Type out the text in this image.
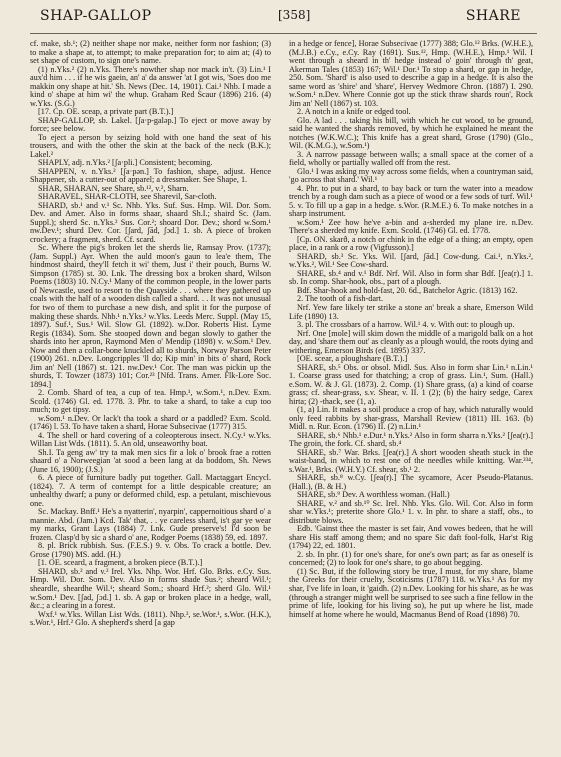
SHAP-GALLOP	[358]	SHARE

cf. make, sb.¹; (2) neither shape nor make, neither form nor fashion; (3) to make a shape at, to attempt; to make preparation for; to aim at; (4) to set shape of custom, to sign one's name.

(1) n.Yks.² (2) n.Yks. There's nowther shap nor mack in't. (3) Lin.¹ I aux'd him . . . if he wis gaein, an' a' da answer 'at I got wis, 'Soes doo me makkin ony shape at hit.' Sh. News (Dec. 14, 1901). Cai.¹ Nhb. I made a kind o' shape at him wi' the whup. Graham Red Scaur (1896) 216. (4) w.Yks. (S.G.)

[17. Cp. OE. sceap, a private part (B.T.).]

SHAP-GALLOP, sb. Lakel. [ʃa·p-galəp.] To eject or move away by force; see below.

To eject a person by seizing hold with one hand the seat of his trousers, and with the other the skin at the back of the neck (B.K.); Lakel.²

SHAPLY, adj. n.Yks.² [ʃa·pli.] Consistent; becoming.

SHAPPEN, v. n.Yks.² [ʃa·pən.] To fashion, shape, adjust. Hence Shappener, sb. a cutter-out of apparel; a dressmaker. See Shape, 1.

SHAR, SHARAN, see Share, sb.¹², v.², Sharn.

SHARAVEL, SHAR-CLOTH, see Sharevil, Sar-cloth.

SHARD, sb.¹ and v.¹ Sc. Nhb. Yks. Suf. Sus. Hmp. Wil. Dor. Som. Dev. and Amer. Also in forms shaar, shaard Sh.I.; shaird Sc. (Jam. Suppl.); sherd Sc. n.Yks.² Sus. Cor.²; shoard Dor. Dev.; shord w.Som.¹ nw.Dev.¹; shurd Dev. Cor. [ʃard, ʃād, ʃɔd.] 1. sb. A piece of broken crockery; a fragment, sherd. Cf. scard.

Sc. Where the pig's broken let the sherds lie, Ramsay Prov. (1737); (Jam. Suppl.) Ayr. When the auld moon's gaun to lea'e them, The hindmost shaird, they'll fetch it wi' them, Just i' their pouch, Burns W. Simpson (1785) st. 30. Lnk. The dressing box a broken shard, Wilson Poems (1803) 10. N.Cy.¹ Many of the common people, in the lower parts of Newcastle, used to resort to the Quayside . . . where they gathered up coals with the half of a wooden dish called a shard. . . It was not unusual for two of them to purchase a new dish, and split it for the purpose of making these shards. Nhb.¹ n.Yks.² w.Yks. Leeds Merc. Suppl. (May 15, 1897). Suf.¹, Sus.¹ Wil. Slow Gl. (1892). w.Dor. Roberts Hist. Lyme Regis (1834). Som. She stooped down and began slowly to gather the shards into her apron, Raymond Men o' Mendip (1898) v. w.Som.¹ Dev. Now and then a collar-bone knuckled all to shurds, Norway Parson Peter (1900) 261. n.Dev. Longcripples 'll do; Kip min' in bits o' shard, Rock Jim an' Nell (1867) st. 121. nw.Dev.¹ Cor. The man was pickin up the shurds, T. Towzer (1873) 101; Cor.²³ [Nfd. Trans. Amer. Flk-Lore Soc. 1894.]

2. Comb. Shard of tea, a cup of tea. Hmp.¹, w.Som.¹, n.Dev. Exm. Scold. (1746) Gl. ed. 1778. 3. Phr. to take a shard, to take a cup too much; to get tipsy.

w.Som.¹ n.Dev. Or lack't tha took a shard or a paddled? Exm. Scold. (1746) l. 53. To have taken a shard, Horae Subsecivae (1777) 315.

4. The shell or hard covering of a coleopterous insect. N.Cy.¹ w.Yks. Willan List Wds. (1811). 5. An old, unseaworthy boat.

Sh.I. Ta geng aw' try ta mak men sics fir a lok o' brook frae a rotten shaard o' a Norweegian 'at sood a been lang at da boddom, Sh. News (June 16, 1900); (J.S.)

6. A piece of furniture badly put together. Gall. Mactaggart Encycl. (1824). 7. A term of contempt for a little despicable creature; an unhealthy dwarf; a puny or deformed child, esp. a petulant, mischievous one.

Sc. Mackay. Bnff.¹ He's a nyatterin', nyarpin', cappernoitious shard o' a mannie. Abd. (Jam.) Kcd. Tak' that, . . ye careless shard, is't gar ye wear my marks, Grant Lays (1884) 7. Lnk. Gude preserve's! I'd soon be frozen. Clasp'd by sic a shard o' ane, Rodger Poems (1838) 59, ed. 1897.

8. pl. Brick rubbish. Sus. (F.E.S.) 9. v. Obs. To crack a bottle. Dev. Grose (1790) MS. add. (H.)

[1. OE. sceard, a fragment, a broken piece (B.T.).]

SHARD, sb.² and v.² Irel. Yks. Nhp. Wor. Hrf. Glo. Brks. e.Cy. Sus. Hmp. Wil. Dor. Som. Dev. Also in forms shade Sus.²; sheard Wil.¹; sheardle, sheardhe Wil.¹; sheard Som.; shoard Hrf.²; sherd Glo. Wil.¹ w.Som.¹ Dev. [ʃad, ʃɔd.] 1. sb. A gap or broken place in a hedge, wall, &c.; a clearing in a forest.

Wxf.¹ w.Yks. Willan List Wds. (1811). Nhp.², se.Wor.¹, s.Wor. (H.K.), s.Wor.¹, Hrf.² Glo. A shepherd's sherd [a gap

in a hedge or fence], Horae Subsecivae (1777) 388; Glo.¹² Brks. (W.H.E.), (M.J.B.) e.Cy., e.Cy. Ray (1691). Sus.¹², Hmp. (W.H.E.), Hmp.¹ Wil. I went through a sheard in th' hedge instead o' goin' through th' geat, Akerman Tales (1853) 167; Wil.¹ Dor.¹ To stop a shard, or gap in hedge, 250. Som. 'Shard' is also used to describe a gap in a hedge. It is also the same word as 'shire' and 'share', Hervey Wedmore Chron. (1887) I. 290. w.Som.¹ n.Dev. Where Connie got up the stick thraw shards roun', Rock Jim an' Nell (1867) st. 103.

2. A notch in a knife or edged tool.

Glo. A lad . . . taking his bill, with which he cut wood, to be ground, said he wanted the shards removed, by which he explained he meant the notches (W.K.W.C.); This knife has a great shard, Grose (1790) (Glo., Wil. (K.M.G.), w.Som.¹)

3. A narrow passage between walls; a small space at the corner of a field, wholly or partially walled off from the rest.

Glo.¹ I was asking my way across some fields, when a countryman said, 'go across that shard.' Wil.¹

4. Phr. to put in a shard, to bay back or turn the water into a meadow trench by a rough dam such as a piece of wood or a few sods of turf. Wil.¹ 5. v. To fill up a gap in a hedge. s.Wor. (R.M.E.) 6. To make notches in a sharp instrument.

w.Som.¹ Zee how he've a-bin and a-sherded my plane ire. n.Dev. There's a sherded my knife. Exm. Scold. (1746) Gl. ed. 1778.

[Cp. ON. skarð, a notch or chink in the edge of a thing; an empty, open place, in a rank or a row (Vigfusson).]

SHARD, sb.³ Sc. Yks. Wil. [ʃard, ʃād.] Cow-dung. Cai.¹, n.Yks.², w.Yks.², Wil.¹ See Cow-shard.

SHARE, sb.⁴ and v.¹ Bdf. Nrf. Wil. Also in form shar Bdf. [ʃea(r).] 1. sb. In comp. Shar-hook, obs., part of a plough.

Bdf. Shar-hook and hold-fast, 20. 6d., Batchelor Agric. (1813) 162.

2. The tooth of a fish-dart.

Nrf. Yew fare likely ter strike a stone an' break a share, Emerson Wild Life (1890) 13.

3. pl. The crossbars of a harrow. Wil.¹ 4. v. With out: to plough up.

Nrf. One [mole] will skim down the middle of a marigold balk on a hot day, and 'share them out' as cleanly as a plough would, the roots dying and withering, Emerson Birds (ed. 1895) 337.

[OE. scear, a ploughshare (B.T.).]

SHARE, sb.⁵ Obs. or obsol. Midl. Sus. Also in form shar Lin.¹ n.Lin.¹ 1. Coarse grass used for thatching; a crop of grass. Lin.¹, Sum. (Hall.) e.Som. W. & J. Gl. (1873). 2. Comp. (1) Share grass, (a) a kind of coarse grass; cf. shear-grass, s.v. Shear, v. II. 1 (2); (b) the hairy sedge, Carex hirta; (2) -thack, see (1, a).

(1, a) Lin. It makes a soil produce a crop of hay, which naturally would only feed rabbits by shar-grass, Marshall Review (1811) III. 163. (b) Midl. n. Rur. Econ. (1796) II. (2) n.Lin.¹

SHARE, sb.⁶ Nhb.¹ e.Dur.¹ n.Yks.² Also in form sharra n.Yks.² [ʃea(r).] The groin, the fork. Cf. shard, sb.⁴

SHARE, sb.⁷ War. Brks. [ʃea(r).] A short wooden sheath stuck in the waist-band, in which to rest one of the needles while knitting. War.²³⁴, s.War.¹, Brks. (W.H.Y.) Cf. shear, sb.¹ 2.

SHARE, sb.⁸ w.Cy. [ʃea(r).] The sycamore, Acer Pseudo-Platanus. (Hall.), (B. & H.)

SHARE, sb.⁹ Dev. A worthless woman. (Hall.)

SHARE, v.² and sb.¹⁰ Sc. Irel. Nhb. Yks. Glo. Wil. Cor. Also in form shar w.Yks.¹; preterite shore Glo.¹ 1. v. In phr. to share a staff, obs., to distribute blows.

Edb. 'Gainst thee the master is set fair, And vowes bedeen, that he will share His staff among them; and no spare Sic daft fool-folk, Har'st Rig (1794) 22, ed. 1801.

2. sb. In phr. (1) for one's share, for one's own part; as far as oneself is concerned; (2) to look for one's share, to go about begging.

(1) Sc. But, if the following story be true, I must, for my share, blame the Greeks for their cruelty, Scoticisms (1787) 118. w.Yks.¹ As for my shar, I've life in loan, it 'gaidh. (2) n.Dev. Looking for his share, as he was (through a stranger might well be surprised to see such a fine fellow in the prime of life, looking for his living so), he put up where he list, made himself at home where he would, Macmanus Bend of Road (1898) 70.
